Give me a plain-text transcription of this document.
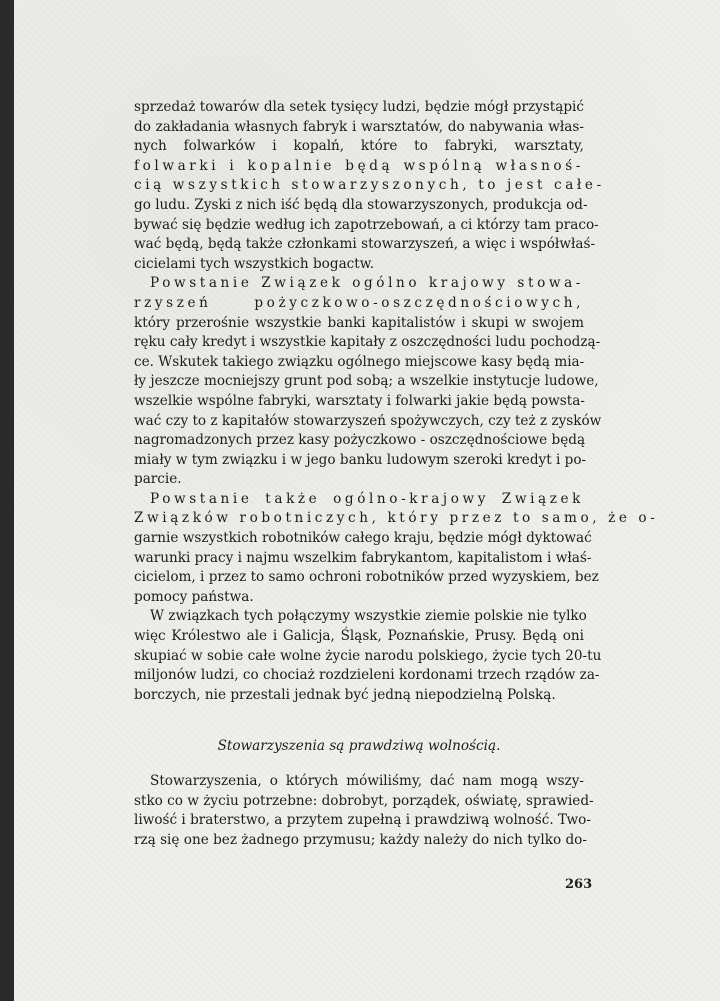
sprzedaż towarów dla setek tysięcy ludzi, będzie mógł przystąpić
do zakładania własnych fabryk i warsztatów, do nabywania włas-
nych folwarków i kopalń, które to fabryki, warsztaty,
folwarki i kopalnie będą wspólną własnoś-
cią wszystkich stowarzyszonych, to jest całe-
go ludu. Zyski z nich iść będą dla stowarzyszonych, produkcja od-
bywać się będzie według ich zapotrzebowań, a ci którzy tam praco-
wać będą, będą także członkami stowarzyszeń, a więc i współwłaś-
cicielami tych wszystkich bogactw.
Powstanie Związek ogólno krajowy stowa-
rzyszeń pożyczkowo-oszczędnościowych,
który przerośnie wszystkie banki kapitalistów i skupi w swojem
ręku cały kredyt i wszystkie kapitały z oszczędności ludu pochodzą-
ce. Wskutek takiego związku ogólnego miejscowe kasy będą mia-
ły jeszcze mocniejszy grunt pod sobą; a wszelkie instytucje ludowe,
wszelkie wspólne fabryki, warsztaty i folwarki jakie będą powsta-
wać czy to z kapitałów stowarzyszeń spożywczych, czy też z zysków
nagromadzonych przez kasy pożyczkowo - oszczędnościowe będą
miały w tym związku i w jego banku ludowym szeroki kredyt i po-
parcie.
Powstanie także ogólno-krajowy Związek
Związków robotniczych, który przez to samo, że o-
garnie wszystkich robotników całego kraju, będzie mógł dyktować
warunki pracy i najmu wszelkim fabrykantom, kapitalistom i właś-
cicielom, i przez to samo ochroni robotników przed wyzyskiem, bez
pomocy państwa.
W związkach tych połączymy wszystkie ziemie polskie nie tylko
więc Królestwo ale i Galicja, Śląsk, Poznańskie, Prusy. Będą oni
skupiać w sobie całe wolne życie narodu polskiego, życie tych 20-tu
miljonów ludzi, co chociaż rozdzieleni kordonami trzech rządów za-
borczych, nie przestali jednak być jedną niepodzielną Polską.
Stowarzyszenia są prawdziwą wolnością.
Stowarzyszenia, o których mówiliśmy, dać nam mogą wszy-
stko co w życiu potrzebne: dobrobyt, porządek, oświatę, sprawied-
liwość i braterstwo, a przytem zupełną i prawdziwą wolność. Two-
rzą się one bez żadnego przymusu; każdy należy do nich tylko do-
263
